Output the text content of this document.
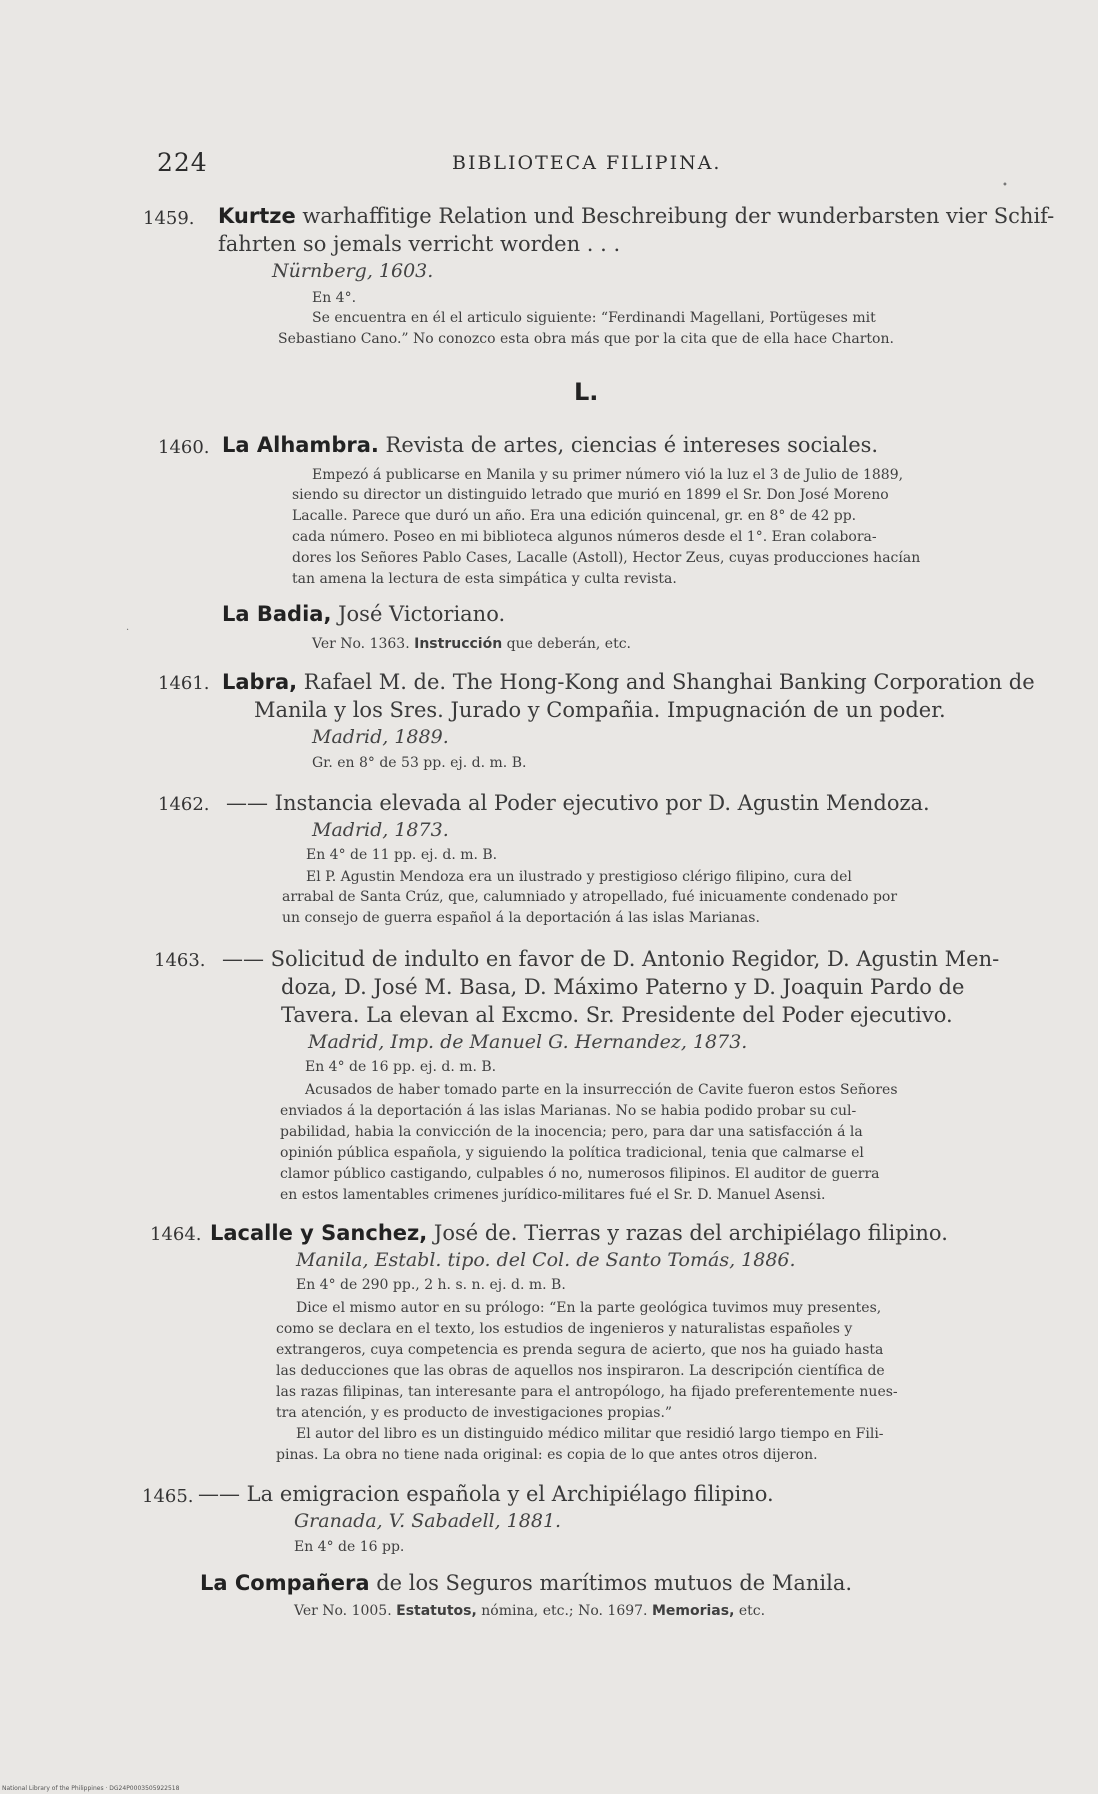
224	BIBLIOTECA FILIPINA.
1459. Kurtze warhaffitige Relation und Beschreibung der wunderbarsten vier Schif-
fahrten so jemals verricht worden . . .
Nürnberg, 1603.
En 4°.
Se encuentra en él el articulo siguiente: “Ferdinandi Magellani, Portügeses mit
Sebastiano Cano.” No conozco esta obra más que por la cita que de ella hace Charton.
L.
1460. La Alhambra. Revista de artes, ciencias é intereses sociales.
Empezó á publicarse en Manila y su primer número vió la luz el 3 de Julio de 1889,
siendo su director un distinguido letrado que murió en 1899 el Sr. Don José Moreno
Lacalle. Parece que duró un año. Era una edición quincenal, gr. en 8° de 42 pp.
cada número. Poseo en mi biblioteca algunos números desde el 1°. Eran colabora-
dores los Señores Pablo Cases, Lacalle (Astoll), Hector Zeus, cuyas producciones hacían
tan amena la lectura de esta simpática y culta revista.
La Badia, José Victoriano.
Ver No. 1363. Instrucción que deberán, etc.
1461. Labra, Rafael M. de. The Hong-Kong and Shanghai Banking Corporation de
Manila y los Sres. Jurado y Compañia. Impugnación de un poder.
Madrid, 1889.
Gr. en 8° de 53 pp. ej. d. m. B.
1462. —— Instancia elevada al Poder ejecutivo por D. Agustin Mendoza.
Madrid, 1873.
En 4° de 11 pp. ej. d. m. B.
El P. Agustin Mendoza era un ilustrado y prestigioso clérigo filipino, cura del
arrabal de Santa Crúz, que, calumniado y atropellado, fué inicuamente condenado por
un consejo de guerra español á la deportación á las islas Marianas.
1463. —— Solicitud de indulto en favor de D. Antonio Regidor, D. Agustin Men-
doza, D. José M. Basa, D. Máximo Paterno y D. Joaquin Pardo de
Tavera. La elevan al Excmo. Sr. Presidente del Poder ejecutivo.
Madrid, Imp. de Manuel G. Hernandez, 1873.
En 4° de 16 pp. ej. d. m. B.
Acusados de haber tomado parte en la insurrección de Cavite fueron estos Señores
enviados á la deportación á las islas Marianas. No se habia podido probar su cul-
pabilidad, habia la convicción de la inocencia; pero, para dar una satisfacción á la
opinión pública española, y siguiendo la política tradicional, tenia que calmarse el
clamor público castigando, culpables ó no, numerosos filipinos. El auditor de guerra
en estos lamentables crimenes jurídico-militares fué el Sr. D. Manuel Asensi.
1464. Lacalle y Sanchez, José de. Tierras y razas del archipiélago filipino.
Manila, Establ. tipo. del Col. de Santo Tomás, 1886.
En 4° de 290 pp., 2 h. s. n. ej. d. m. B.
Dice el mismo autor en su prólogo: “En la parte geológica tuvimos muy presentes,
como se declara en el texto, los estudios de ingenieros y naturalistas españoles y
extrangeros, cuya competencia es prenda segura de acierto, que nos ha guiado hasta
las deducciones que las obras de aquellos nos inspiraron. La descripción científica de
las razas filipinas, tan interesante para el antropólogo, ha fijado preferentemente nues-
tra atención, y es producto de investigaciones propias.”
El autor del libro es un distinguido médico militar que residió largo tiempo en Fili-
pinas. La obra no tiene nada original: es copia de lo que antes otros dijeron.
1465. —— La emigracion española y el Archipiélago filipino.
Granada, V. Sabadell, 1881.
En 4° de 16 pp.
La Compañera de los Seguros marítimos mutuos de Manila.
Ver No. 1005. Estatutos, nómina, etc.; No. 1697. Memorias, etc.
•
·
National Library of the Philippines · DG24P0003505922518
